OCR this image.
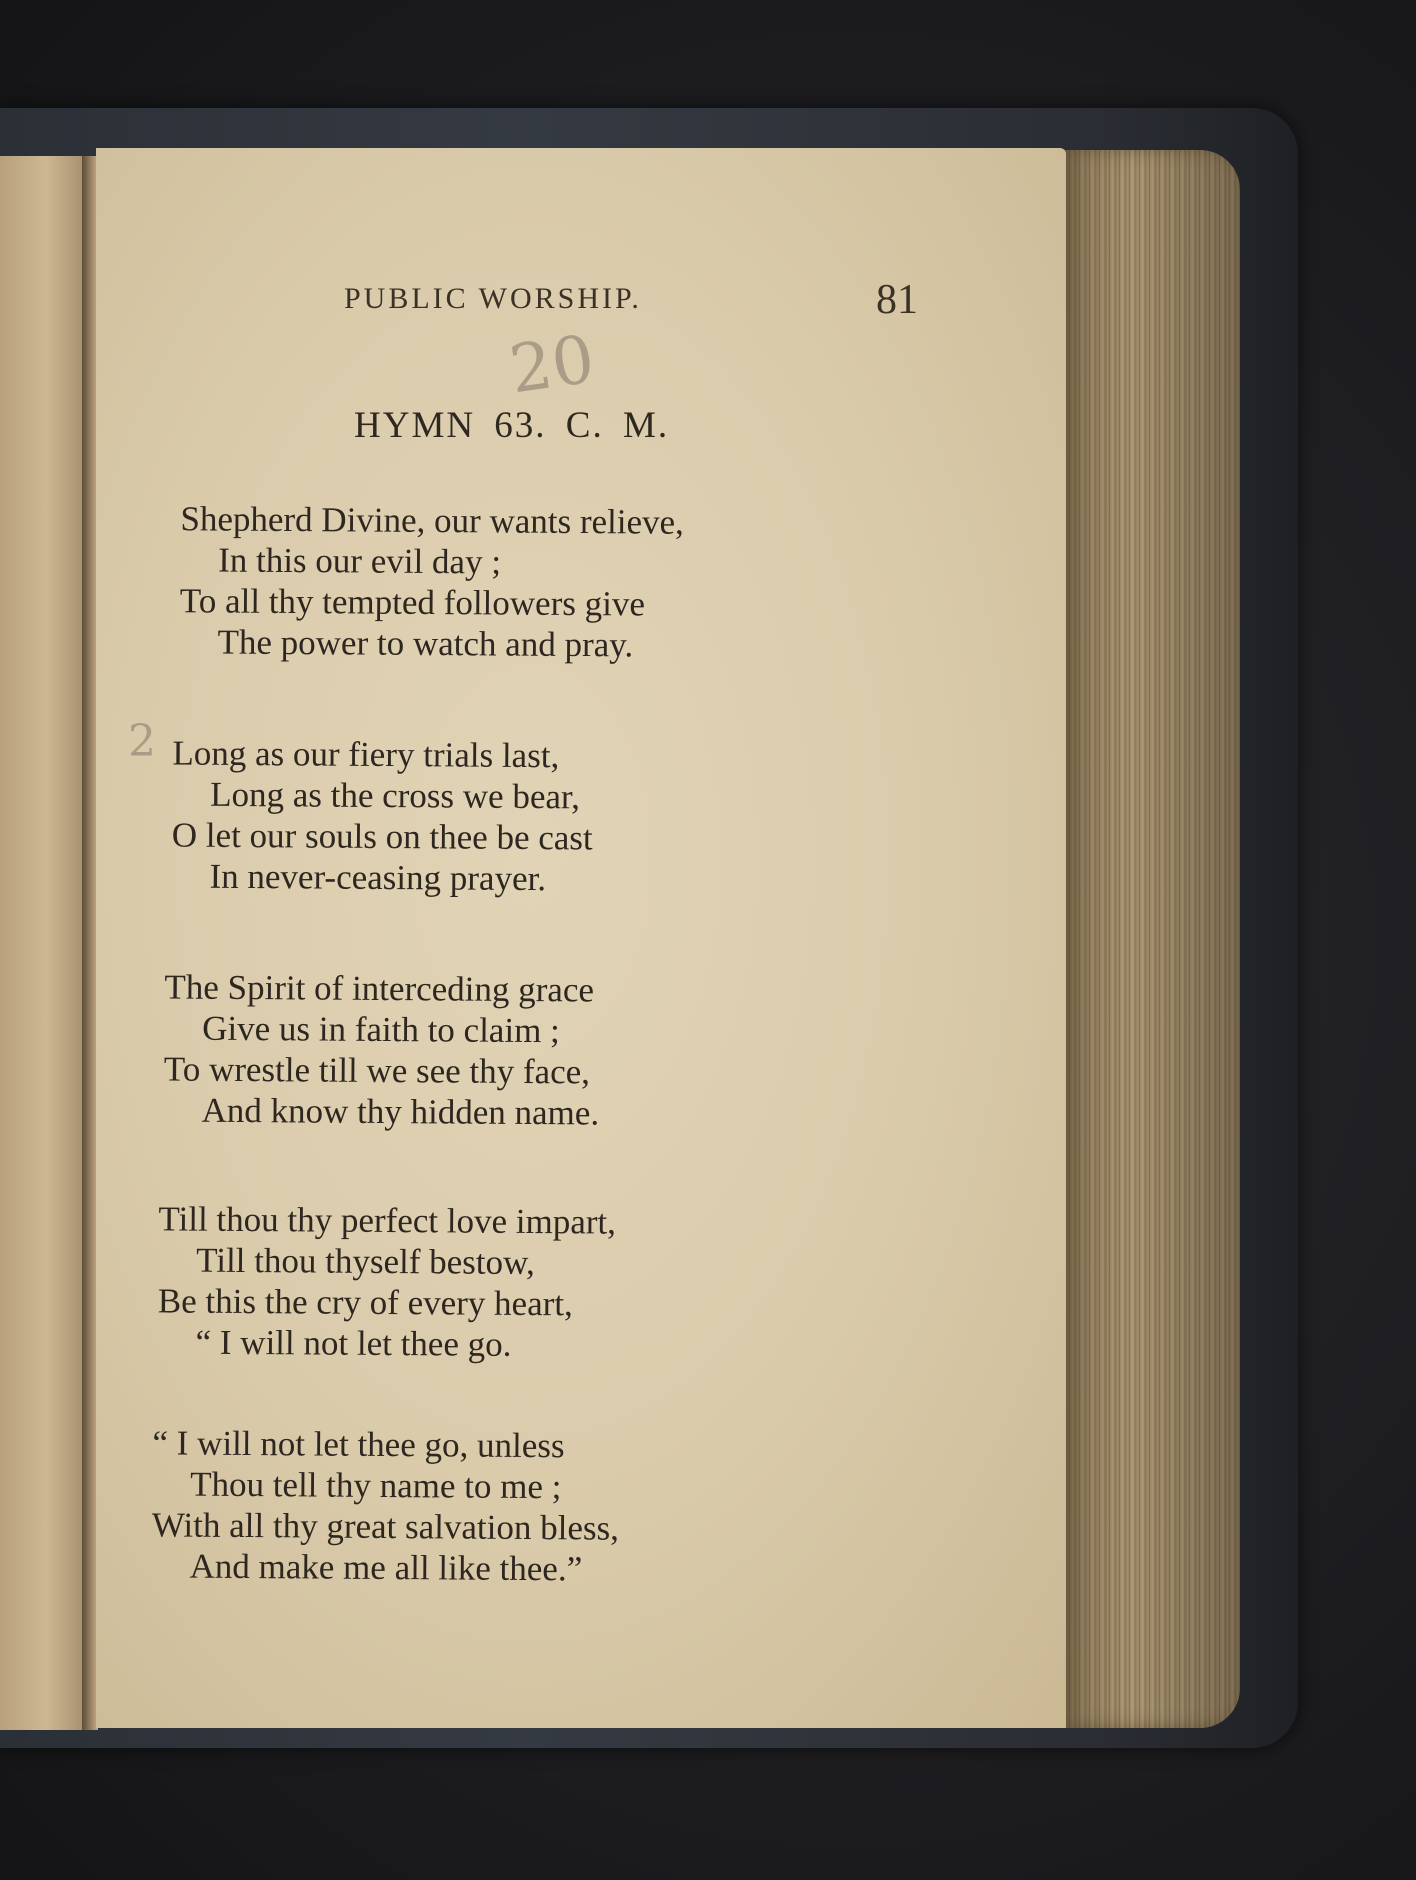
PUBLIC WORSHIP.	81
20
HYMN 63. C. M.
Shepherd Divine, our wants relieve,
In this our evil day ;
To all thy tempted followers give
The power to watch and pray.
2 Long as our fiery trials last,
Long as the cross we bear,
O let our souls on thee be cast
In never-ceasing prayer.
The Spirit of interceding grace
Give us in faith to claim ;
To wrestle till we see thy face,
And know thy hidden name.
Till thou thy perfect love impart,
Till thou thyself bestow,
Be this the cry of every heart,
“ I will not let thee go.
“ I will not let thee go, unless
Thou tell thy name to me ;
With all thy great salvation bless,
And make me all like thee.”
